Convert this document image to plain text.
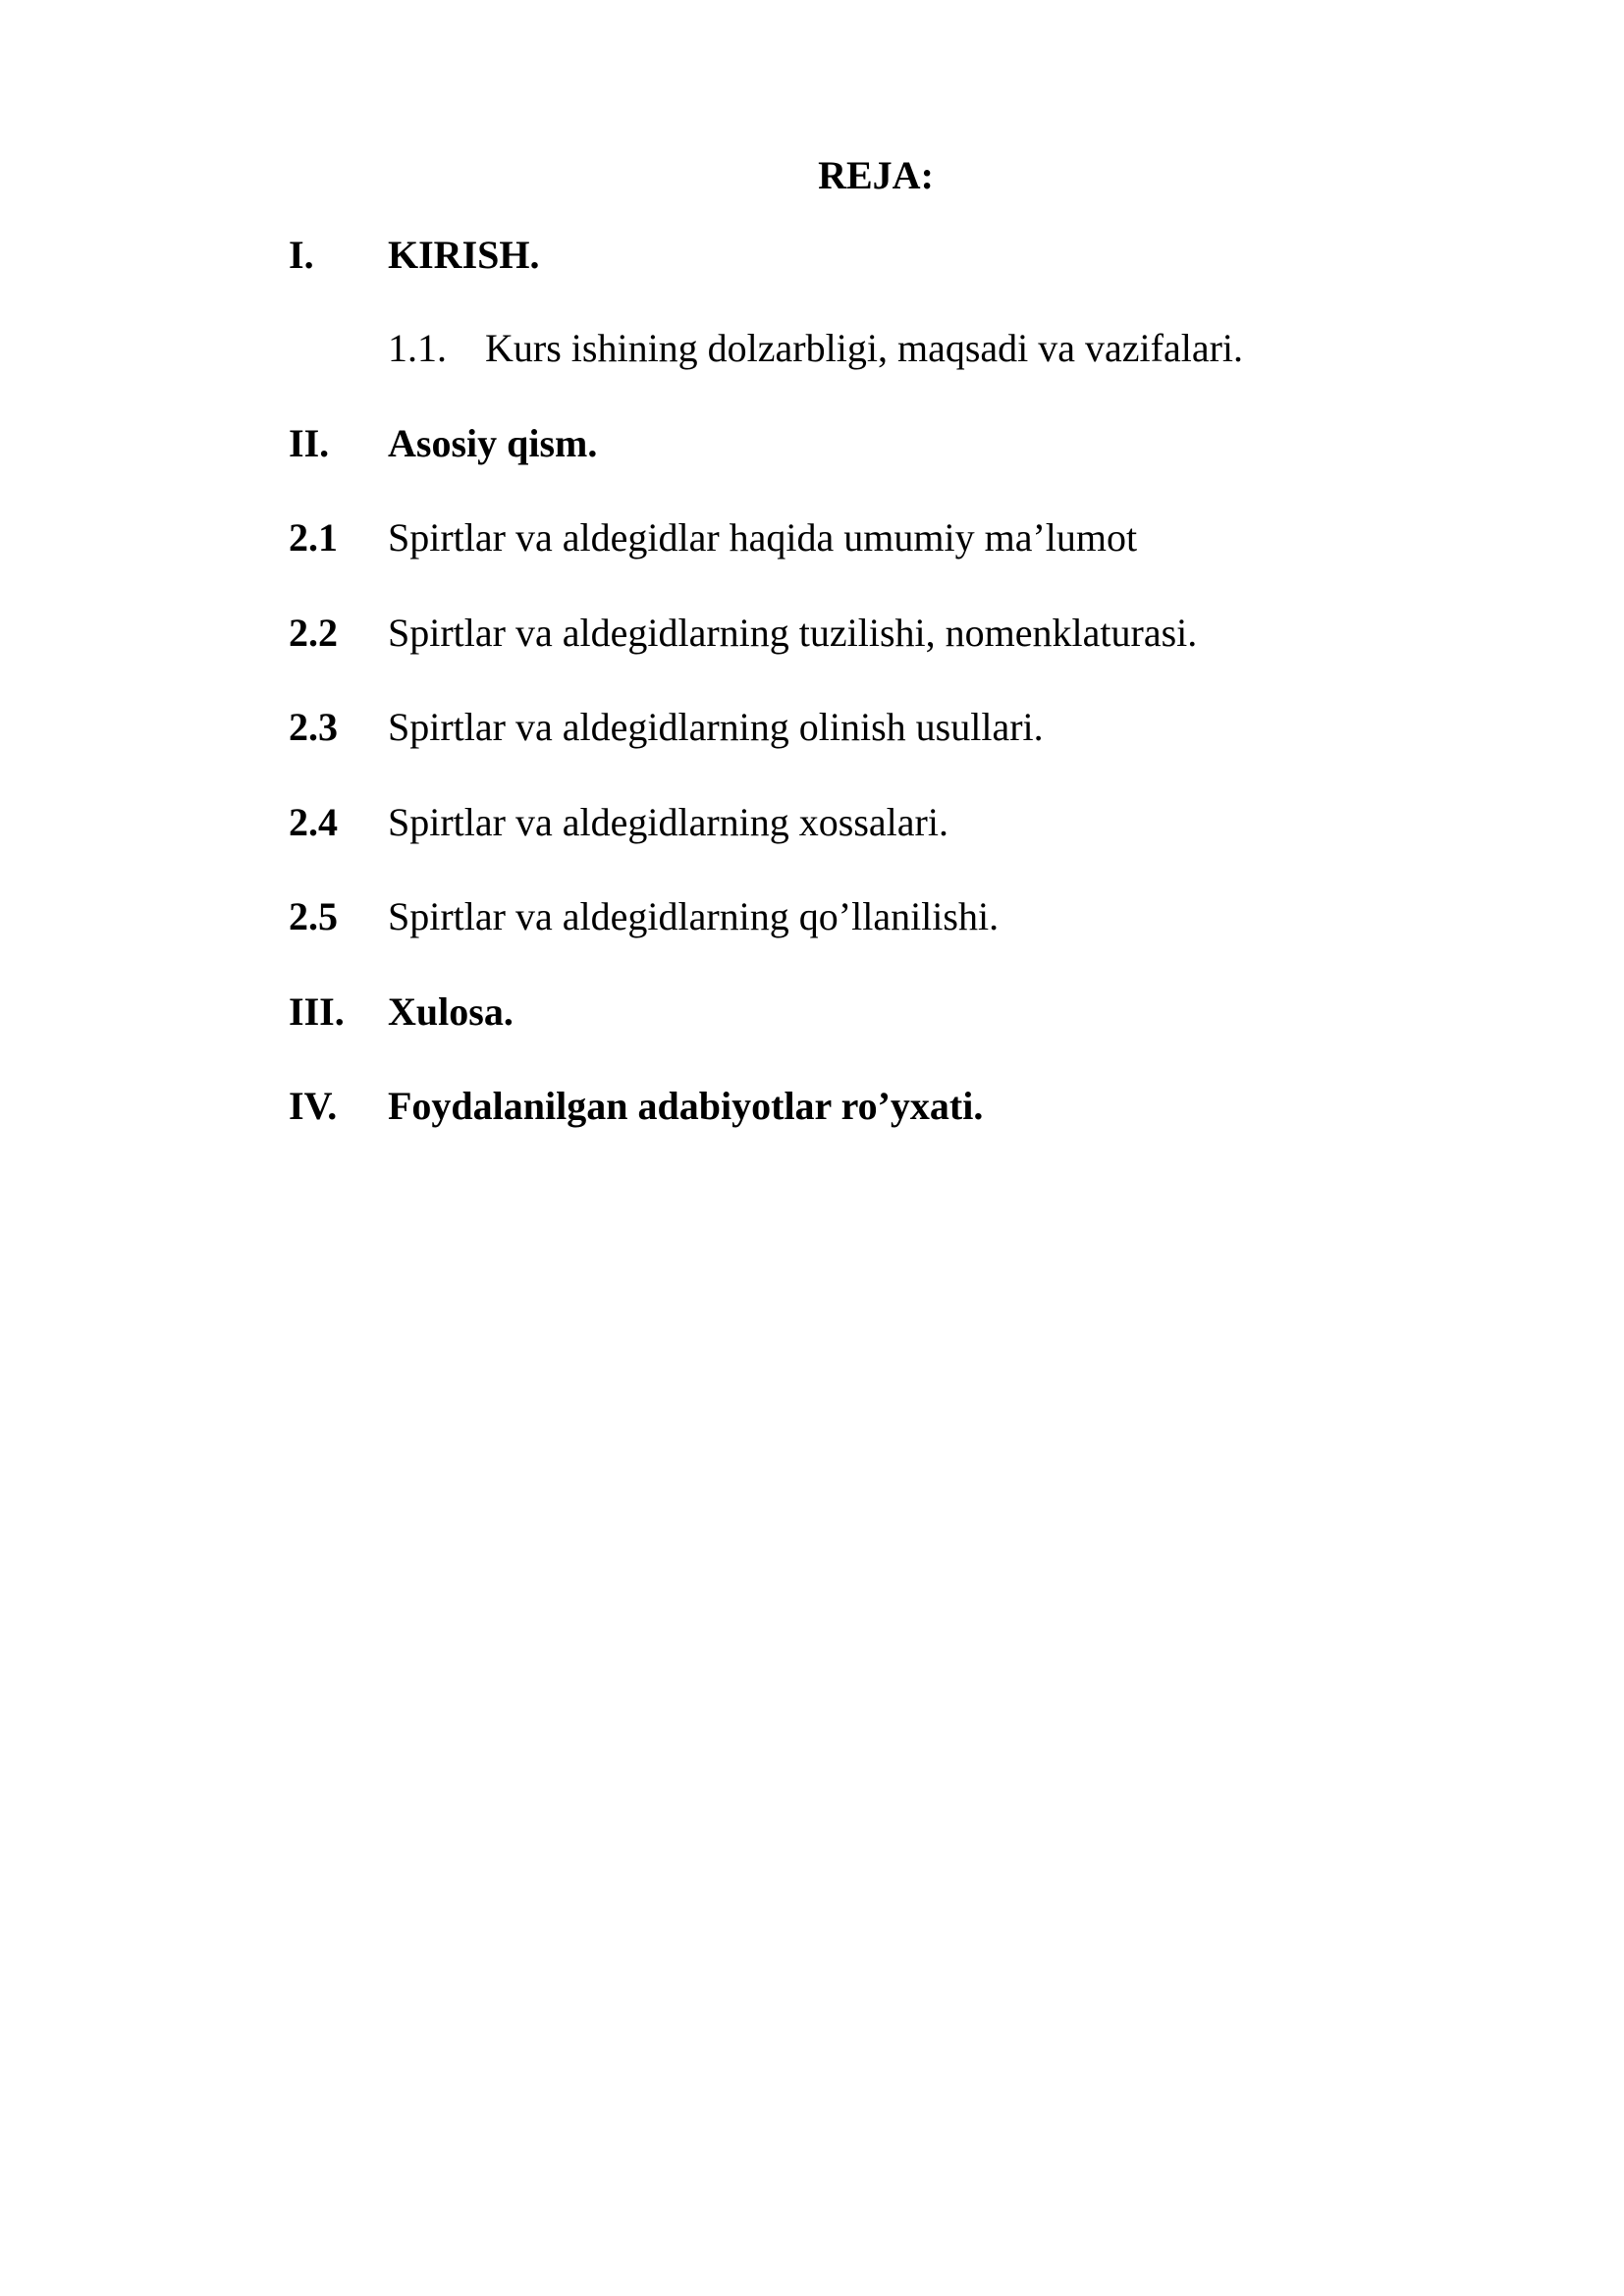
REJA:
I. KIRISH.
1.1. Kurs ishining dolzarbligi, maqsadi va vazifalari.
II. Asosiy qism.
2.1 Spirtlar va aldegidlar haqida umumiy ma’lumot
2.2 Spirtlar va aldegidlarning tuzilishi, nomenklaturasi.
2.3 Spirtlar va aldegidlarning olinish usullari.
2.4 Spirtlar va aldegidlarning xossalari.
2.5 Spirtlar va aldegidlarning qo’llanilishi.
III. Xulosa.
IV. Foydalanilgan adabiyotlar ro’yxati.
